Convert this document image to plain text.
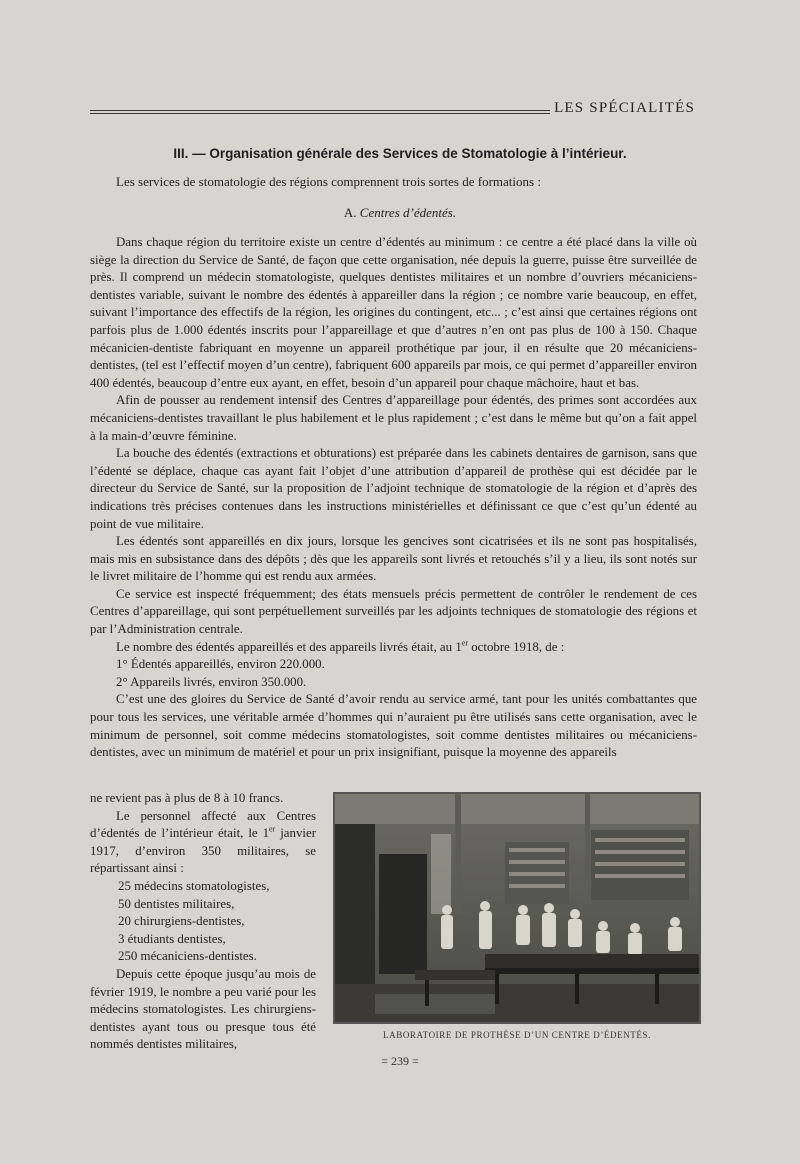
LES SPÉCIALITÉS
III. — Organisation générale des Services de Stomatologie à l’intérieur.
Les services de stomatologie des régions comprennent trois sortes de formations :
A. Centres d’édentés.

Dans chaque région du territoire existe un centre d’édentés au minimum : ce centre a été placé dans la ville où siège la direction du Service de Santé, de façon que cette organisation, née depuis la guerre, puisse être surveillée de près. Il comprend un médecin stomatologiste, quelques dentistes militaires et un nombre d’ouvriers mécaniciens-dentistes variable, suivant le nombre des édentés à appareiller dans la région ; ce nombre varie beaucoup, en effet, suivant l’importance des effectifs de la région, les origines du contingent, etc... ; c’est ainsi que certaines régions ont parfois plus de 1.000 édentés inscrits pour l’appareillage et que d’autres n’en ont pas plus de 100 à 150. Chaque mécanicien-dentiste fabriquant en moyenne un appareil prothétique par jour, il en résulte que 20 mécaniciens-dentistes, (tel est l’effectif moyen d’un centre), fabriquent 600 appareils par mois, ce qui permet d’appareiller environ 400 édentés, beaucoup d’entre eux ayant, en effet, besoin d’un appareil pour chaque mâchoire, haut et bas.

Afin de pousser au rendement intensif des Centres d’appareillage pour édentés, des primes sont accordées aux mécaniciens-dentistes travaillant le plus habilement et le plus rapidement ; c’est dans le même but qu’on a fait appel à la main-d’œuvre féminine.

La bouche des édentés (extractions et obturations) est préparée dans les cabinets dentaires de garnison, sans que l’édenté se déplace, chaque cas ayant fait l’objet d’une attribution d’appareil de prothèse qui est décidée par le directeur du Service de Santé, sur la proposition de l’adjoint technique de stomatologie de la région et d’après des indications très précises contenues dans les instructions ministérielles et définissant ce que c’est qu’un édenté au point de vue militaire.

Les édentés sont appareillés en dix jours, lorsque les gencives sont cicatrisées et ils ne sont pas hospitalisés, mais mis en subsistance dans des dépôts ; dès que les appareils sont livrés et retouchés s’il y a lieu, ils sont notés sur le livret militaire de l’homme qui est rendu aux armées.

Ce service est inspecté fréquemment; des états mensuels précis permettent de contrôler le rendement de ces Centres d’appareillage, qui sont perpétuellement surveillés par les adjoints techniques de stomatologie des régions et par l’Administration centrale.

Le nombre des édentés appareillés et des appareils livrés était, au 1er octobre 1918, de :

1° Édentés appareillés, environ 220.000.

2° Appareils livrés, environ 350.000.

C’est une des gloires du Service de Santé d’avoir rendu au service armé, tant pour les unités combattantes que pour tous les services, une véritable armée d’hommes qui n’auraient pu être utilisés sans cette organisation, avec le minimum de personnel, soit comme médecins stomatologistes, soit comme dentistes militaires ou mécaniciens-dentistes, avec un minimum de matériel et pour un prix insignifiant, puisque la moyenne des appareils

ne revient pas à plus de 8 à 10 francs.

Le personnel affecté aux Centres d’édentés de l’intérieur était, le 1er janvier 1917, d’environ 350 militaires, se répartissant ainsi :

25 médecins stomatologistes,

50 dentistes militaires,

20 chirurgiens-dentistes,

3 étudiants dentistes,

250 mécaniciens-dentistes.

Depuis cette époque jusqu’au mois de février 1919, le nombre a peu varié pour les médecins stomatologistes. Les chirurgiens-dentistes ayant tous ou presque tous été nommés dentistes militaires,

LABORATOIRE DE PROTHÈSE D’UN CENTRE D’ÉDENTÉS.
= 239 =
